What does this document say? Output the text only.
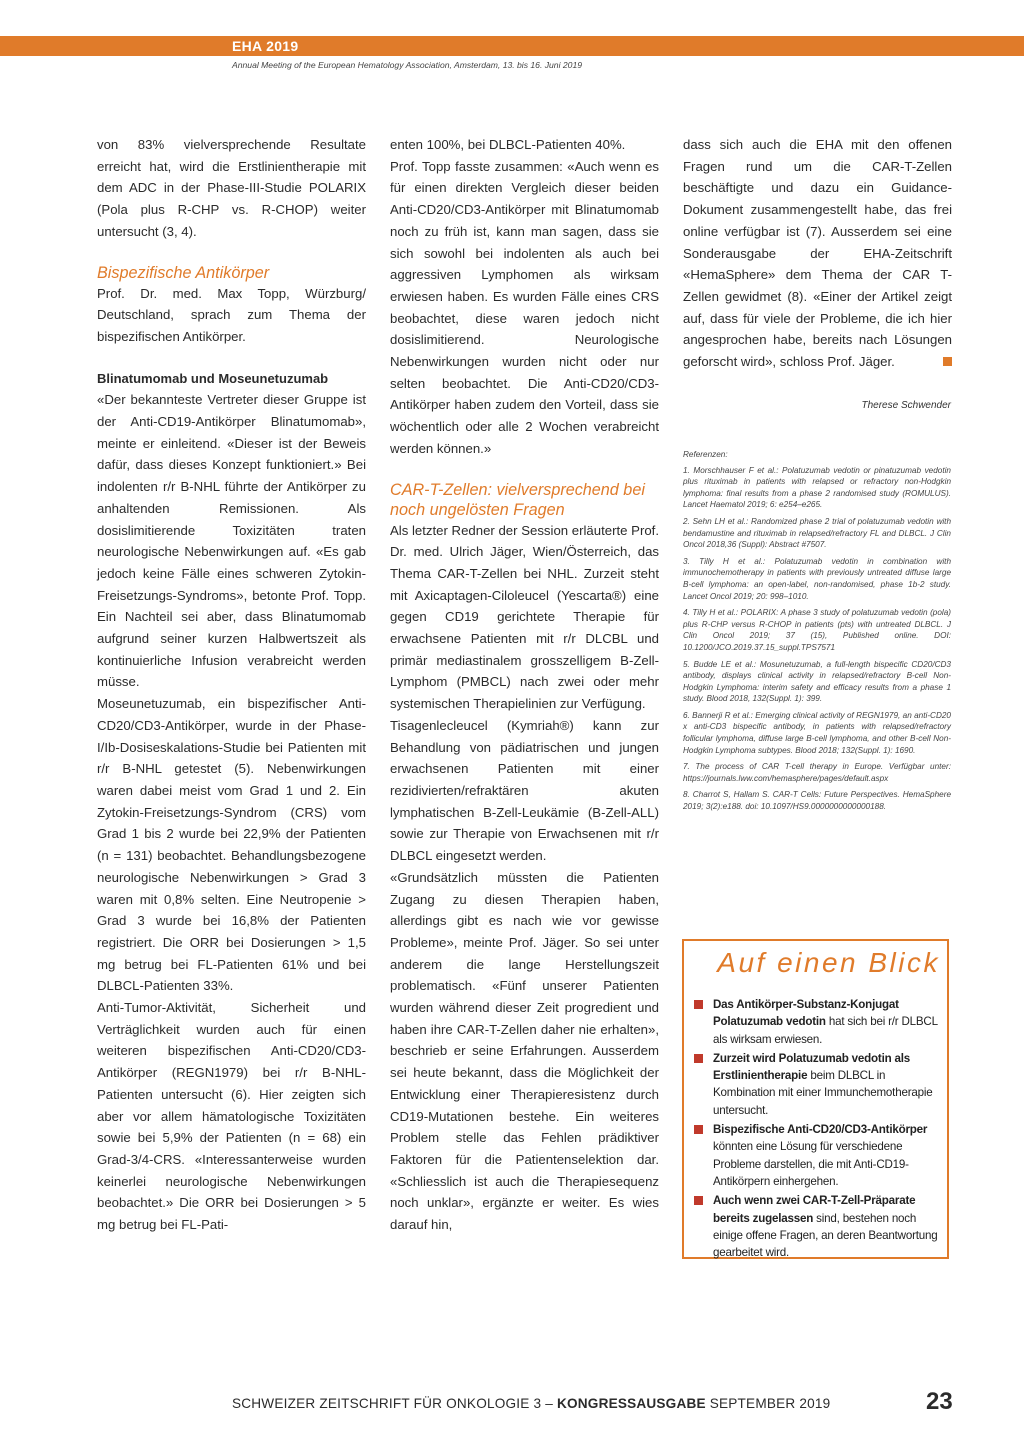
EHA 2019
Annual Meeting of the European Hematology Association, Amsterdam, 13. bis 16. Juni 2019

von 83% vielversprechende Resultate erreicht hat, wird die Erstlinientherapie mit dem ADC in der Phase-III-Studie POLARIX (Pola plus R-CHP vs. R-CHOP) weiter untersucht (3, 4).

Bispezifische Antikörper

Prof. Dr. med. Max Topp, Würzburg/ Deutschland, sprach zum Thema der bispezifischen Antikörper.

Blinatumomab und Moseunetuzumab

«Der bekannteste Vertreter dieser Gruppe ist der Anti-CD19-Antikörper Blinatumomab», meinte er einleitend. «Dieser ist der Beweis dafür, dass dieses Konzept funktioniert.» Bei indolenten r/r B-NHL führte der Antikörper zu anhaltenden Remissionen. Als dosislimitierende Toxizitäten traten neurologische Nebenwirkungen auf. «Es gab jedoch keine Fälle eines schweren Zytokin-Freisetzungs-Syndroms», betonte Prof. Topp. Ein Nachteil sei aber, dass Blinatumomab aufgrund seiner kurzen Halbwertszeit als kontinuierliche Infusion verabreicht werden müsse.

Moseunetuzumab, ein bispezifischer Anti-CD20/CD3-Antikörper, wurde in der Phase-I/Ib-Dosiseskalations-Studie bei Patienten mit r/r B-NHL getestet (5). Nebenwirkungen waren dabei meist vom Grad 1 und 2. Ein Zytokin-Freisetzungs-Syndrom (CRS) vom Grad 1 bis 2 wurde bei 22,9% der Patienten (n = 131) beobachtet. Behandlungsbezogene neurologische Nebenwirkungen > Grad 3 waren mit 0,8% selten. Eine Neutropenie > Grad 3 wurde bei 16,8% der Patienten registriert. Die ORR bei Dosierungen > 1,5 mg betrug bei FL-Patienten 61% und bei DLBCL-Patienten 33%.

Anti-Tumor-Aktivität, Sicherheit und Verträglichkeit wurden auch für einen weiteren bispezifischen Anti-CD20/CD3-Antikörper (REGN1979) bei r/r B-NHL- Patienten untersucht (6). Hier zeigten sich aber vor allem hämatologische Toxizitäten sowie bei 5,9% der Patienten (n = 68) ein Grad-3/4-CRS. «Interessanterweise wurden keinerlei neurologische Nebenwirkungen beobachtet.» Die ORR bei Dosierungen > 5 mg betrug bei FL-Pati-

enten 100%, bei DLBCL-Patienten 40%.

Prof. Topp fasste zusammen: «Auch wenn es für einen direkten Vergleich dieser beiden Anti-CD20/CD3-Antikörper mit Blinatumomab noch zu früh ist, kann man sagen, dass sie sich sowohl bei indolenten als auch bei aggressiven Lymphomen als wirksam erwiesen haben. Es wurden Fälle eines CRS beobachtet, diese waren jedoch nicht dosislimitierend. Neurologische Nebenwirkungen wurden nicht oder nur selten beobachtet. Die Anti-CD20/CD3-Antikörper haben zudem den Vorteil, dass sie wöchentlich oder alle 2 Wochen verabreicht werden können.»

CAR-T-Zellen: vielversprechend bei noch ungelösten Fragen

Als letzter Redner der Session erläuterte Prof. Dr. med. Ulrich Jäger, Wien/Österreich, das Thema CAR-T-Zellen bei NHL. Zurzeit steht mit Axicaptagen-Ciloleucel (Yescarta®) eine gegen CD19 gerichtete Therapie für erwachsene Patienten mit r/r DLCBL und primär mediastinalem grosszelligem B-Zell-Lymphom (PMBCL) nach zwei oder mehr systemischen Therapielinien zur Verfügung.

Tisagenlecleucel (Kymriah®) kann zur Behandlung von pädiatrischen und jungen erwachsenen Patienten mit einer rezidivierten/refraktären akuten lymphatischen B-Zell-Leukämie (B-Zell-ALL) sowie zur Therapie von Erwachsenen mit r/r DLBCL eingesetzt werden.

«Grundsätzlich müssten die Patienten Zugang zu diesen Therapien haben, allerdings gibt es nach wie vor gewisse Probleme», meinte Prof. Jäger. So sei unter anderem die lange Herstellungszeit problematisch. «Fünf unserer Patienten wurden während dieser Zeit progredient und haben ihre CAR-T-Zellen daher nie erhalten», beschrieb er seine Erfahrungen. Ausserdem sei heute bekannt, dass die Möglichkeit der Entwicklung einer Therapieresistenz durch CD19-Mutationen bestehe. Ein weiteres Problem stelle das Fehlen prädiktiver Faktoren für die Patientenselektion dar. «Schliesslich ist auch die Therapiesequenz noch unklar», ergänzte er weiter. Es wies darauf hin,

dass sich auch die EHA mit den offenen Fragen rund um die CAR-T-Zellen beschäftigte und dazu ein Guidance-Dokument zusammengestellt habe, das frei online verfügbar ist (7). Ausserdem sei eine Sonderausgabe der EHA-Zeitschrift «HemaSphere» dem Thema der CAR T-Zellen gewidmet (8). «Einer der Artikel zeigt auf, dass für viele der Probleme, die ich hier angesprochen habe, bereits nach Lösungen geforscht wird», schloss Prof. Jäger.

Therese Schwender

Referenzen:

1. Morschhauser F et al.: Polatuzumab vedotin or pinatuzumab vedotin plus rituximab in patients with relapsed or refractory non-Hodgkin lymphoma: final results from a phase 2 randomised study (ROMULUS). Lancet Haematol 2019; 6: e254–e265.

2. Sehn LH et al.: Randomized phase 2 trial of polatuzumab vedotin with bendamustine and rituximab in relapsed/refractory FL and DLBCL. J Clin Oncol 2018,36 (Suppl): Abstract #7507.

3. Tilly H et al.: Polatuzumab vedotin in combination with immunochemotherapy in patients with previously untreated diffuse large B-cell lymphoma: an open-label, non-randomised, phase 1b-2 study. Lancet Oncol 2019; 20: 998–1010.

4. Tilly H et al.: POLARIX: A phase 3 study of polatuzumab vedotin (pola) plus R-CHP versus R-CHOP in patients (pts) with untreated DLBCL. J Clin Oncol 2019; 37 (15), Published online. DOI: 10.1200/JCO.2019.37.15_suppl.TPS7571

5. Budde LE et al.: Mosunetuzumab, a full-length bispecific CD20/CD3 antibody, displays clinical activity in relapsed/refractory B-cell Non-Hodgkin Lymphoma: interim safety and efficacy results from a phase 1 study. Blood 2018, 132(Suppl. 1): 399.

6. Bannerji R et al.: Emerging clinical activity of REGN1979, an anti-CD20 x anti-CD3 bispecific antibody, in patients with relapsed/refractory follicular lymphoma, diffuse large B-cell lymphoma, and other B-cell Non-Hodgkin Lymphoma subtypes. Blood 2018; 132(Suppl. 1): 1690.

7. The process of CAR T-cell therapy in Europe. Verfügbar unter: https://journals.lww.com/hemasphere/pages/default.aspx

8. Charrot S, Hallam S. CAR-T Cells: Future Perspectives. HemaSphere 2019; 3(2):e188. doi: 10.1097/HS9.0000000000000188.

Auf einen Blick
Das Antikörper-Substanz-Konjugat Polatuzumab vedotin hat sich bei r/r DLBCL als wirksam erwiesen.
Zurzeit wird Polatuzumab vedotin als Erstlinientherapie beim DLBCL in Kombination mit einer Immunchemotherapie untersucht.
Bispezifische Anti-CD20/CD3-Antikörper könnten eine Lösung für verschiedene Probleme darstellen, die mit Anti-CD19-Antikörpern einhergehen.
Auch wenn zwei CAR-T-Zell-Präparate bereits zugelassen sind, bestehen noch einige offene Fragen, an deren Beantwortung gearbeitet wird.
SCHWEIZER ZEITSCHRIFT FÜR ONKOLOGIE 3 – KONGRESSAUSGABE SEPTEMBER 2019	23
